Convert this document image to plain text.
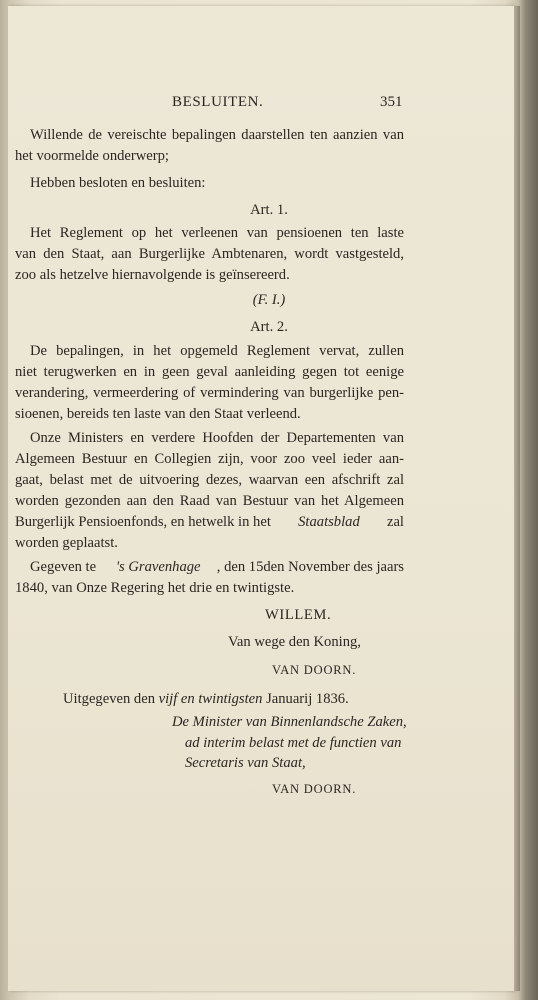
BESLUITEN.	351
Willende de vereischte bepalingen daarstellen ten aanzien van
het voormelde onderwerp;
Hebben besloten en besluiten:
Art. 1.
Het Reglement op het verleenen van pensioenen ten laste
van den Staat, aan Burgerlijke Ambtenaren, wordt vastgesteld,
zoo als hetzelve hiernavolgende is geïnsereerd.
(F. I.)
Art. 2.
De bepalingen, in het opgemeld Reglement vervat, zullen
niet terugwerken en in geen geval aanleiding gegen tot eenige
verandering, vermeerdering of vermindering van burgerlijke pen-
sioenen, bereids ten laste van den Staat verleend.
Onze Ministers en verdere Hoofden der Departementen van
Algemeen Bestuur en Collegien zijn, voor zoo veel ieder aan-
gaat, belast met de uitvoering dezes, waarvan een afschrift zal
worden gezonden aan den Raad van Bestuur van het Algemeen
Burgerlijk Pensioenfonds, en hetwelk in het Staatsblad zal
worden geplaatst.
Gegeven te 's Gravenhage , den 15den November des jaars
1840, van Onze Regering het drie en twintigste.
WILLEM.
Van wege den Koning,
VAN DOORN.
Uitgegeven den vijf en twintigsten Januarij 1836.
De Minister van Binnenlandsche Zaken,
ad interim belast met de functien van
Secretaris van Staat,
VAN DOORN.
